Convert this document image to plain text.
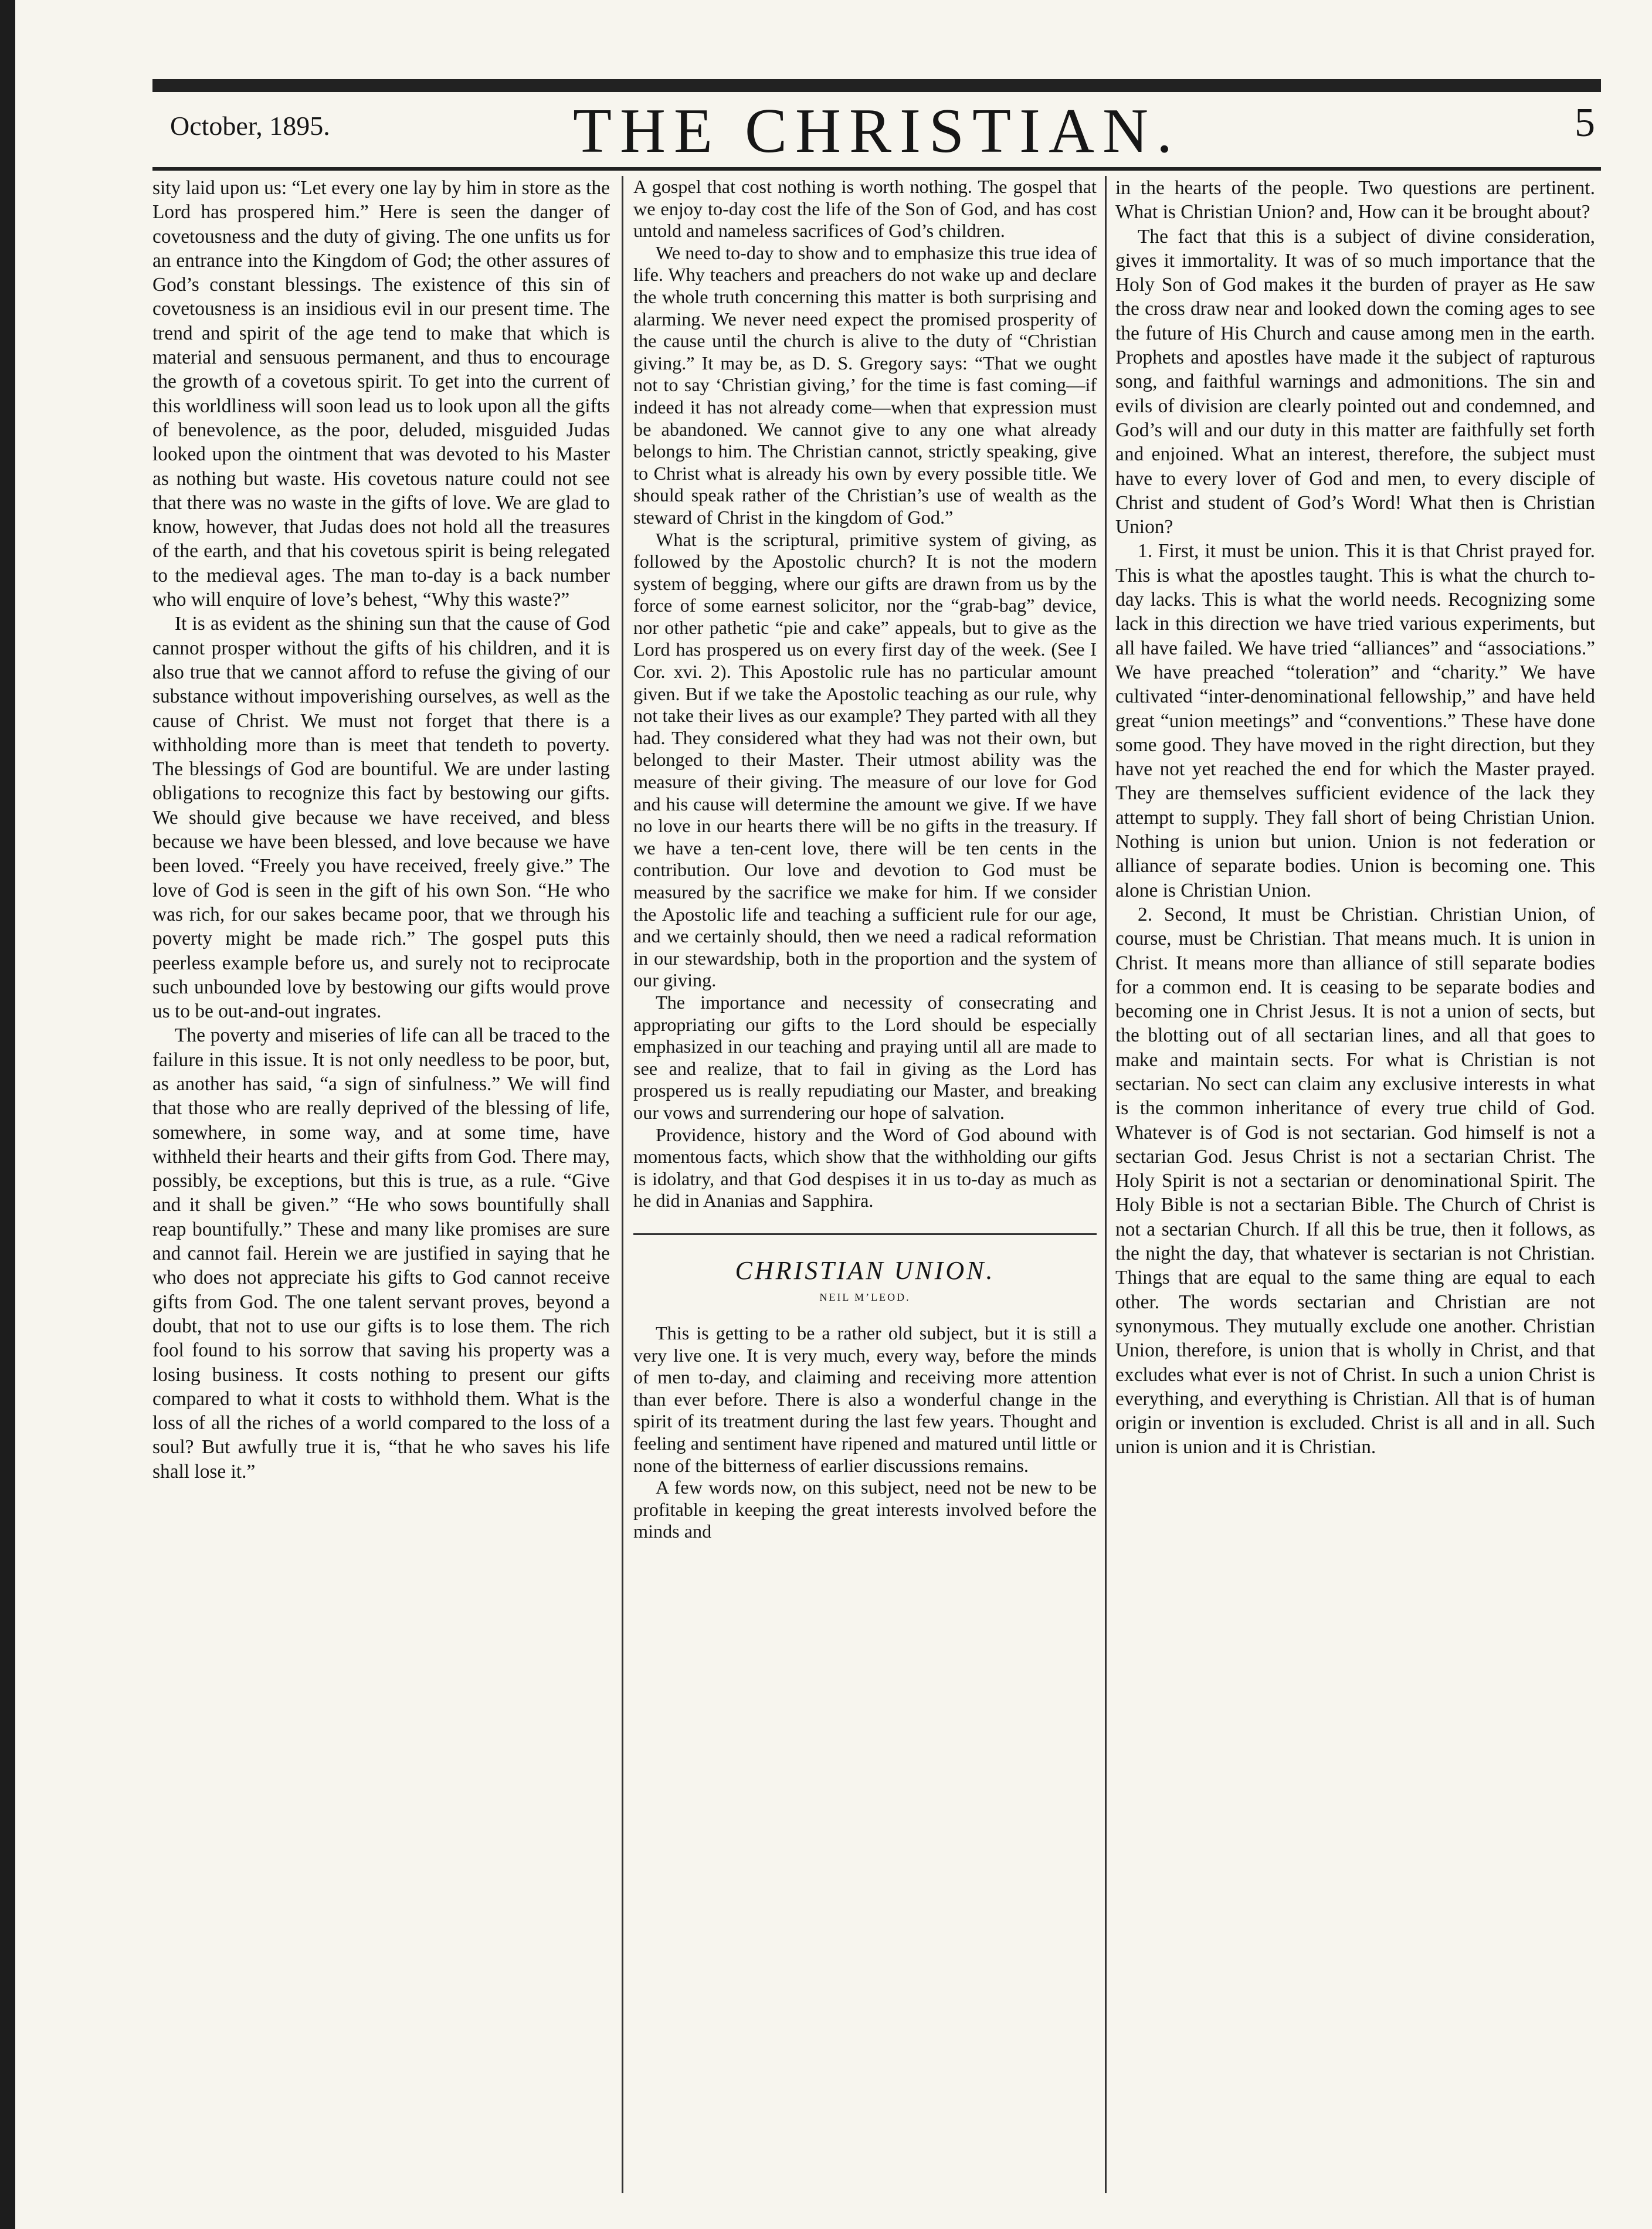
October, 1895.	THE CHRISTIAN.	5

sity laid upon us: “Let every one lay by him in store as the Lord has prospered him.” Here is seen the danger of covetousness and the duty of giving. The one unfits us for an entrance into the Kingdom of God; the other assures of God’s constant blessings. The existence of this sin of covetousness is an insidious evil in our present time. The trend and spirit of the age tend to make that which is material and sensuous permanent, and thus to encourage the growth of a covetous spirit. To get into the current of this worldliness will soon lead us to look upon all the gifts of benevolence, as the poor, deluded, misguided Judas looked upon the ointment that was devoted to his Master as nothing but waste. His covetous nature could not see that there was no waste in the gifts of love. We are glad to know, however, that Judas does not hold all the treasures of the earth, and that his covetous spirit is being relegated to the medieval ages. The man to-day is a back number who will enquire of love’s behest, “Why this waste?”

It is as evident as the shining sun that the cause of God cannot prosper without the gifts of his children, and it is also true that we cannot afford to refuse the giving of our substance without impoverishing ourselves, as well as the cause of Christ. We must not forget that there is a withholding more than is meet that tendeth to poverty. The blessings of God are bountiful. We are under lasting obligations to recognize this fact by bestowing our gifts. We should give because we have received, and bless because we have been blessed, and love because we have been loved. “Freely you have received, freely give.” The love of God is seen in the gift of his own Son. “He who was rich, for our sakes became poor, that we through his poverty might be made rich.” The gospel puts this peerless example before us, and surely not to reciprocate such unbounded love by bestowing our gifts would prove us to be out-and-out ingrates.

The poverty and miseries of life can all be traced to the failure in this issue. It is not only needless to be poor, but, as another has said, “a sign of sinfulness.” We will find that those who are really deprived of the blessing of life, somewhere, in some way, and at some time, have withheld their hearts and their gifts from God. There may, possibly, be exceptions, but this is true, as a rule. “Give and it shall be given.” “He who sows bountifully shall reap bountifully.” These and many like promises are sure and cannot fail. Herein we are justified in saying that he who does not appreciate his gifts to God cannot receive gifts from God. The one talent servant proves, beyond a doubt, that not to use our gifts is to lose them. The rich fool found to his sorrow that saving his property was a losing business. It costs nothing to present our gifts compared to what it costs to withhold them. What is the loss of all the riches of a world compared to the loss of a soul? But awfully true it is, “that he who saves his life shall lose it.”

A gospel that cost nothing is worth nothing. The gospel that we enjoy to-day cost the life of the Son of God, and has cost untold and nameless sacrifices of God’s children.

We need to-day to show and to emphasize this true idea of life. Why teachers and preachers do not wake up and declare the whole truth concerning this matter is both surprising and alarming. We never need expect the promised prosperity of the cause until the church is alive to the duty of “Christian giving.” It may be, as D. S. Gregory says: “That we ought not to say ‘Christian giving,’ for the time is fast coming—if indeed it has not already come—when that expression must be abandoned. We cannot give to any one what already belongs to him. The Christian cannot, strictly speaking, give to Christ what is already his own by every possible title. We should speak rather of the Christian’s use of wealth as the steward of Christ in the kingdom of God.”

What is the scriptural, primitive system of giving, as followed by the Apostolic church? It is not the modern system of begging, where our gifts are drawn from us by the force of some earnest solicitor, nor the “grab-bag” device, nor other pathetic “pie and cake” appeals, but to give as the Lord has prospered us on every first day of the week. (See I Cor. xvi. 2). This Apostolic rule has no particular amount given. But if we take the Apostolic teaching as our rule, why not take their lives as our example? They parted with all they had. They considered what they had was not their own, but belonged to their Master. Their utmost ability was the measure of their giving. The measure of our love for God and his cause will determine the amount we give. If we have no love in our hearts there will be no gifts in the treasury. If we have a ten-cent love, there will be ten cents in the contribution. Our love and devotion to God must be measured by the sacrifice we make for him. If we consider the Apostolic life and teaching a sufficient rule for our age, and we certainly should, then we need a radical reformation in our stewardship, both in the proportion and the system of our giving.

The importance and necessity of consecrating and appropriating our gifts to the Lord should be especially emphasized in our teaching and praying until all are made to see and realize, that to fail in giving as the Lord has prospered us is really repudiating our Master, and breaking our vows and surrendering our hope of salvation.

Providence, history and the Word of God abound with momentous facts, which show that the withholding our gifts is idolatry, and that God despises it in us to-day as much as he did in Ananias and Sapphira.

CHRISTIAN UNION.
NEIL M’LEOD.

This is getting to be a rather old subject, but it is still a very live one. It is very much, every way, before the minds of men to-day, and claiming and receiving more attention than ever before. There is also a wonderful change in the spirit of its treatment during the last few years. Thought and feeling and sentiment have ripened and matured until little or none of the bitterness of earlier discussions remains.

A few words now, on this subject, need not be new to be profitable in keeping the great interests involved before the minds and

in the hearts of the people. Two questions are pertinent. What is Christian Union? and, How can it be brought about?

The fact that this is a subject of divine consideration, gives it immortality. It was of so much importance that the Holy Son of God makes it the burden of prayer as He saw the cross draw near and looked down the coming ages to see the future of His Church and cause among men in the earth. Prophets and apostles have made it the subject of rapturous song, and faithful warnings and admonitions. The sin and evils of division are clearly pointed out and condemned, and God’s will and our duty in this matter are faithfully set forth and enjoined. What an interest, therefore, the subject must have to every lover of God and men, to every disciple of Christ and student of God’s Word! What then is Christian Union?

1. First, it must be union. This it is that Christ prayed for. This is what the apostles taught. This is what the church to-day lacks. This is what the world needs. Recognizing some lack in this direction we have tried various experiments, but all have failed. We have tried “alliances” and “associations.” We have preached “toleration” and “charity.” We have cultivated “inter-denominational fellowship,” and have held great “union meetings” and “conventions.” These have done some good. They have moved in the right direction, but they have not yet reached the end for which the Master prayed. They are themselves sufficient evidence of the lack they attempt to supply. They fall short of being Christian Union. Nothing is union but union. Union is not federation or alliance of separate bodies. Union is becoming one. This alone is Christian Union.

2. Second, It must be Christian. Christian Union, of course, must be Christian. That means much. It is union in Christ. It means more than alliance of still separate bodies for a common end. It is ceasing to be separate bodies and becoming one in Christ Jesus. It is not a union of sects, but the blotting out of all sectarian lines, and all that goes to make and maintain sects. For what is Christian is not sectarian. No sect can claim any exclusive interests in what is the common inheritance of every true child of God. Whatever is of God is not sectarian. God himself is not a sectarian God. Jesus Christ is not a sectarian Christ. The Holy Spirit is not a sectarian or denominational Spirit. The Holy Bible is not a sectarian Bible. The Church of Christ is not a sectarian Church. If all this be true, then it follows, as the night the day, that whatever is sectarian is not Christian. Things that are equal to the same thing are equal to each other. The words sectarian and Christian are not synonymous. They mutually exclude one another. Christian Union, therefore, is union that is wholly in Christ, and that excludes what ever is not of Christ. In such a union Christ is everything, and everything is Christian. All that is of human origin or invention is excluded. Christ is all and in all. Such union is union and it is Christian.
